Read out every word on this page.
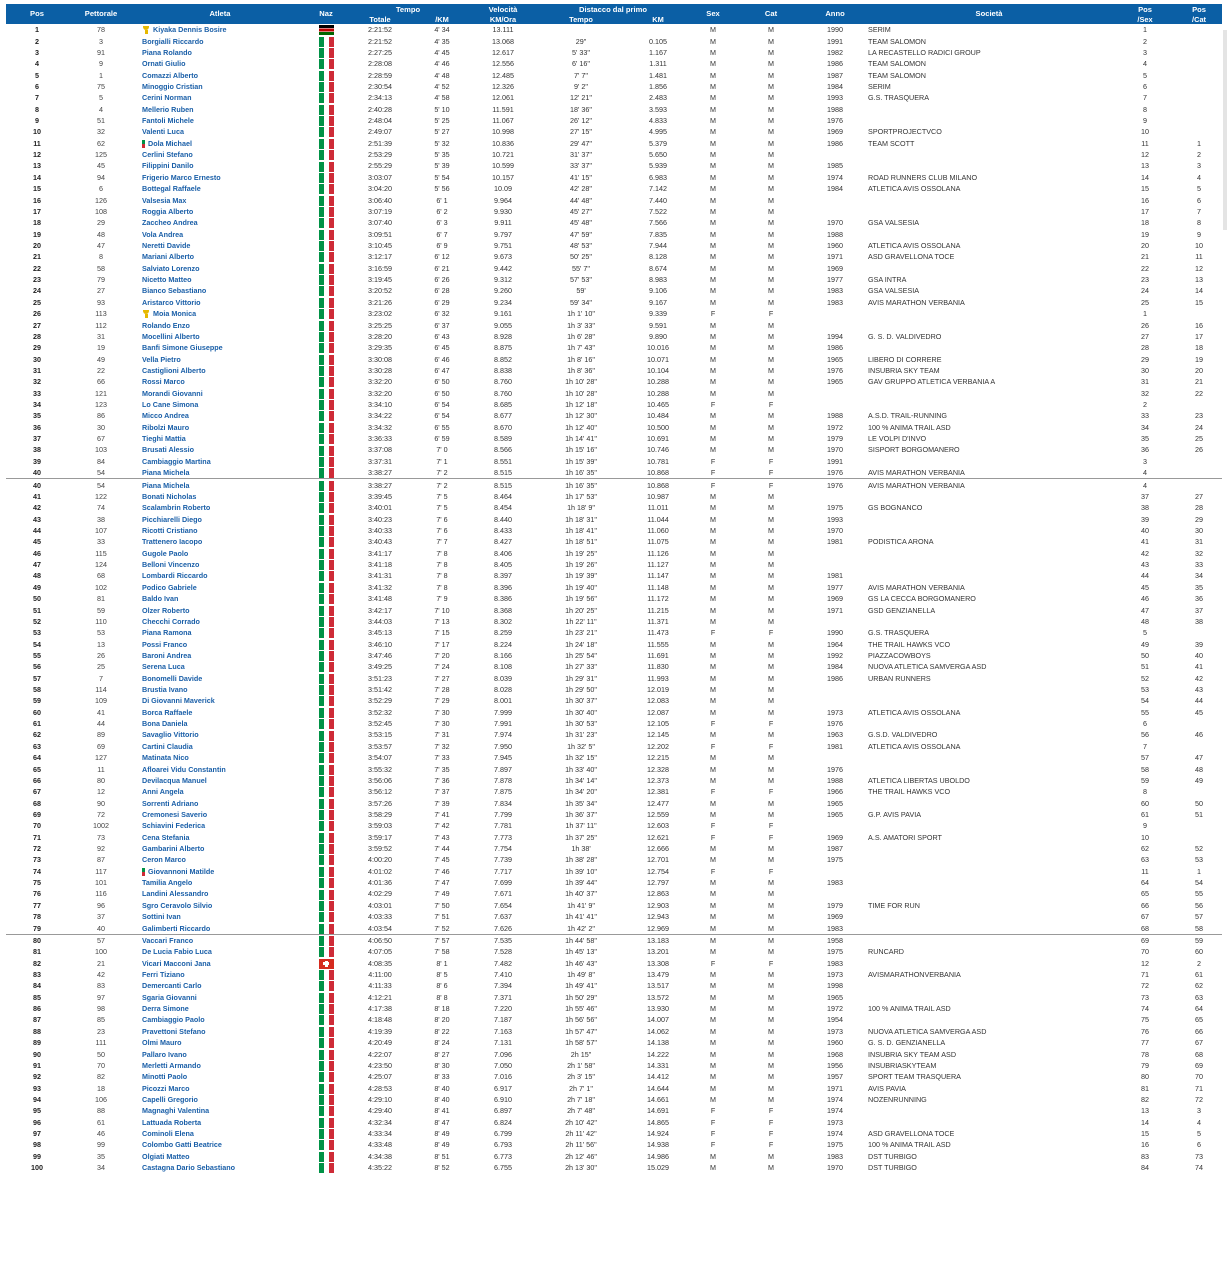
Pos	Pettorale	Atleta	Naz	Tempo		Velocità	Distacco dal primo		Sex	Cat	Anno	Società	Pos	Pos
				Totale	/KM	KM/Ora	Tempo	KM					/Sex	/Cat
1	78	Kiyaka Dennis Bosire		2:21:52	4' 34	13.111			M	M	1990	SERIM	1	
2	3	Borgialli Riccardo		2:21:52	4' 35	13.068	29"	0.105	M	M	1991	TEAM SALOMON	2	
3	91	Piana Rolando		2:27:25	4' 45	12.617	5' 33"	1.167	M	M	1982	LA RECASTELLO RADICI GROUP	3	
4	9	Ornati Giulio		2:28:08	4' 46	12.556	6' 16"	1.311	M	M	1986	TEAM SALOMON	4	
5	1	Comazzi Alberto		2:28:59	4' 48	12.485	7' 7"	1.481	M	M	1987	TEAM SALOMON	5	
6	75	Minoggio Cristian		2:30:54	4' 52	12.326	9' 2"	1.856	M	M	1984	SERIM	6	
7	5	Cerini Norman		2:34:13	4' 58	12.061	12' 21"	2.483	M	M	1993	G.S. TRASQUERA	7	
8	4	Mellerio Ruben		2:40:28	5' 10	11.591	18' 36"	3.593	M	M	1988		8	
9	51	Fantoli Michele		2:48:04	5' 25	11.067	26' 12"	4.833	M	M	1976		9	
10	32	Valenti Luca		2:49:07	5' 27	10.998	27' 15"	4.995	M	M	1969	SPORTPROJECTVCO	10	
11	62	Dola Michael		2:51:39	5' 32	10.836	29' 47"	5.379	M	M	1986	TEAM SCOTT	11	1
12	125	Cerlini Stefano		2:53:29	5' 35	10.721	31' 37"	5.650	M	M			12	2
13	45	Filippini Danilo		2:55:29	5' 39	10.599	33' 37"	5.939	M	M	1985		13	3
14	94	Frigerio Marco Ernesto		3:03:07	5' 54	10.157	41' 15"	6.983	M	M	1974	ROAD RUNNERS CLUB MILANO	14	4
15	6	Bottegal Raffaele		3:04:20	5' 56	10.09	42' 28"	7.142	M	M	1984	ATLETICA AVIS OSSOLANA	15	5
16	126	Valsesia Max		3:06:40	6' 1	9.964	44' 48"	7.440	M	M			16	6
17	108	Roggia Alberto		3:07:19	6' 2	9.930	45' 27"	7.522	M	M			17	7
18	29	Zaccheo Andrea		3:07:40	6' 3	9.911	45' 48"	7.566	M	M	1970	GSA VALSESIA	18	8
19	48	Vola Andrea		3:09:51	6' 7	9.797	47' 59"	7.835	M	M	1988		19	9
20	47	Neretti Davide		3:10:45	6' 9	9.751	48' 53"	7.944	M	M	1960	ATLETICA AVIS OSSOLANA	20	10
21	8	Mariani Alberto		3:12:17	6' 12	9.673	50' 25"	8.128	M	M	1971	ASD GRAVELLONA TOCE	21	11
22	58	Salviato Lorenzo		3:16:59	6' 21	9.442	55' 7"	8.674	M	M	1969		22	12
23	79	Nicetto Matteo		3:19:45	6' 26	9.312	57' 53"	8.983	M	M	1977	GSA INTRA	23	13
24	27	Bianco Sebastiano		3:20:52	6' 28	9.260	59'	9.106	M	M	1983	GSA VALSESIA	24	14
25	93	Aristarco Vittorio		3:21:26	6' 29	9.234	59' 34"	9.167	M	M	1983	AVIS MARATHON VERBANIA	25	15
26	113	Moia Monica		3:23:02	6' 32	9.161	1h 1' 10"	9.339	F	F			1	
27	112	Rolando Enzo		3:25:25	6' 37	9.055	1h 3' 33"	9.591	M	M			26	16
28	31	Mocellini Alberto		3:28:20	6' 43	8.928	1h 6' 28"	9.890	M	M	1994	G. S. D. VALDIVEDRO	27	17
29	19	Banfi Simone Giuseppe		3:29:35	6' 45	8.875	1h 7' 43"	10.016	M	M	1986		28	18
30	49	Vella Pietro		3:30:08	6' 46	8.852	1h 8' 16"	10.071	M	M	1965	LIBERO DI CORRERE	29	19
31	22	Castiglioni Alberto		3:30:28	6' 47	8.838	1h 8' 36"	10.104	M	M	1976	INSUBRIA SKY TEAM	30	20
32	66	Rossi Marco		3:32:20	6' 50	8.760	1h 10' 28"	10.288	M	M	1965	GAV GRUPPO ATLETICA VERBANIA A	31	21
33	121	Morandi Giovanni		3:32:20	6' 50	8.760	1h 10' 28"	10.288	M	M			32	22
34	123	Lo Cane Simona		3:34:10	6' 54	8.685	1h 12' 18"	10.465	F	F			2	
35	86	Micco Andrea		3:34:22	6' 54	8.677	1h 12' 30"	10.484	M	M	1988	A.S.D. TRAIL-RUNNING	33	23
36	30	Ribolzi Mauro		3:34:32	6' 55	8.670	1h 12' 40"	10.500	M	M	1972	100 % ANIMA TRAIL ASD	34	24
37	67	Tieghi Mattia		3:36:33	6' 59	8.589	1h 14' 41"	10.691	M	M	1979	LE VOLPI D'INVO	35	25
38	103	Brusati Alessio		3:37:08	7' 0	8.566	1h 15' 16"	10.746	M	M	1970	SISPORT BORGOMANERO	36	26
39	84	Cambiaggio Martina		3:37:31	7' 1	8.551	1h 15' 39"	10.781	F	F	1991		3	
40	54	Piana Michela		3:38:27	7' 2	8.515	1h 16' 35"	10.868	F	F	1976	AVIS MARATHON VERBANIA	4	
40	54	Piana Michela		3:38:27	7' 2	8.515	1h 16' 35"	10.868	F	F	1976	AVIS MARATHON VERBANIA	4	
41	122	Bonati Nicholas		3:39:45	7' 5	8.464	1h 17' 53"	10.987	M	M			37	27
42	74	Scalambrin Roberto		3:40:01	7' 5	8.454	1h 18' 9"	11.011	M	M	1975	GS BOGNANCO	38	28
43	38	Picchiarelli Diego		3:40:23	7' 6	8.440	1h 18' 31"	11.044	M	M	1993		39	29
44	107	Ricotti Cristiano		3:40:33	7' 6	8.433	1h 18' 41"	11.060	M	M	1970		40	30
45	33	Trattenero Iacopo		3:40:43	7' 7	8.427	1h 18' 51"	11.075	M	M	1981	PODISTICA ARONA	41	31
46	115	Gugole Paolo		3:41:17	7' 8	8.406	1h 19' 25"	11.126	M	M			42	32
47	124	Belloni Vincenzo		3:41:18	7' 8	8.405	1h 19' 26"	11.127	M	M			43	33
48	68	Lombardi Riccardo		3:41:31	7' 8	8.397	1h 19' 39"	11.147	M	M	1981		44	34
49	102	Podico Gabriele		3:41:32	7' 8	8.396	1h 19' 40"	11.148	M	M	1977	AVIS MARATHON VERBANIA	45	35
50	81	Baldo Ivan		3:41:48	7' 9	8.386	1h 19' 56"	11.172	M	M	1969	GS LA CECCA BORGOMANERO	46	36
51	59	Olzer Roberto		3:42:17	7' 10	8.368	1h 20' 25"	11.215	M	M	1971	GSD GENZIANELLA	47	37
52	110	Checchi Corrado		3:44:03	7' 13	8.302	1h 22' 11"	11.371	M	M			48	38
53	53	Piana Ramona		3:45:13	7' 15	8.259	1h 23' 21"	11.473	F	F	1990	G.S. TRASQUERA	5	
54	13	Possi Franco		3:46:10	7' 17	8.224	1h 24' 18"	11.555	M	M	1964	THE TRAIL HAWKS VCO	49	39
55	26	Baroni Andrea		3:47:46	7' 20	8.166	1h 25' 54"	11.691	M	M	1992	PIAZZACOWBOYS	50	40
56	25	Serena Luca		3:49:25	7' 24	8.108	1h 27' 33"	11.830	M	M	1984	NUOVA ATLETICA SAMVERGA ASD	51	41
57	7	Bonomelli Davide		3:51:23	7' 27	8.039	1h 29' 31"	11.993	M	M	1986	URBAN RUNNERS	52	42
58	114	Brustia Ivano		3:51:42	7' 28	8.028	1h 29' 50"	12.019	M	M			53	43
59	109	Di Giovanni Maverick		3:52:29	7' 29	8.001	1h 30' 37"	12.083	M	M			54	44
60	41	Borca Raffaele		3:52:32	7' 30	7.999	1h 30' 40"	12.087	M	M	1973	ATLETICA AVIS OSSOLANA	55	45
61	44	Bona Daniela		3:52:45	7' 30	7.991	1h 30' 53"	12.105	F	F	1976		6	
62	89	Savaglio Vittorio		3:53:15	7' 31	7.974	1h 31' 23"	12.145	M	M	1963	G.S.D. VALDIVEDRO	56	46
63	69	Cartini Claudia		3:53:57	7' 32	7.950	1h 32' 5"	12.202	F	F	1981	ATLETICA AVIS OSSOLANA	7	
64	127	Matinata Nico		3:54:07	7' 33	7.945	1h 32' 15"	12.215	M	M			57	47
65	11	Afloarei Vidu Constantin		3:55:32	7' 35	7.897	1h 33' 40"	12.328	M	M	1976		58	48
66	80	Devilacqua Manuel		3:56:06	7' 36	7.878	1h 34' 14"	12.373	M	M	1988	ATLETICA LIBERTAS UBOLDO	59	49
67	12	Anni Angela		3:56:12	7' 37	7.875	1h 34' 20"	12.381	F	F	1966	THE TRAIL HAWKS VCO	8	
68	90	Sorrenti Adriano		3:57:26	7' 39	7.834	1h 35' 34"	12.477	M	M	1965		60	50
69	72	Cremonesi Saverio		3:58:29	7' 41	7.799	1h 36' 37"	12.559	M	M	1965	G.P. AVIS PAVIA	61	51
70	1002	Schiavini Federica		3:59:03	7' 42	7.781	1h 37' 11"	12.603	F	F			9	
71	73	Cena Stefania		3:59:17	7' 43	7.773	1h 37' 25"	12.621	F	F	1969	A.S. AMATORI SPORT	10	
72	92	Gambarini Alberto		3:59:52	7' 44	7.754	1h 38'	12.666	M	M	1987		62	52
73	87	Ceron Marco		4:00:20	7' 45	7.739	1h 38' 28"	12.701	M	M	1975		63	53
74	117	Giovannoni Matilde		4:01:02	7' 46	7.717	1h 39' 10"	12.754	F	F			11	1
75	101	Tamilia Angelo		4:01:36	7' 47	7.699	1h 39' 44"	12.797	M	M	1983		64	54
76	116	Landini Alessandro		4:02:29	7' 49	7.671	1h 40' 37"	12.863	M	M			65	55
77	96	Sgro Ceravolo Silvio		4:03:01	7' 50	7.654	1h 41' 9"	12.903	M	M	1979	TIME FOR RUN	66	56
78	37	Sottini Ivan		4:03:33	7' 51	7.637	1h 41' 41"	12.943	M	M	1969		67	57
79	40	Galimberti Riccardo		4:03:54	7' 52	7.626	1h 42' 2"	12.969	M	M	1983		68	58
80	57	Vaccari Franco		4:06:50	7' 57	7.535	1h 44' 58"	13.183	M	M	1958		69	59
81	100	De Lucia Fabio Luca		4:07:05	7' 58	7.528	1h 45' 13"	13.201	M	M	1975	RUNCARD	70	60
82	21	Vicari Macconi Jana		4:08:35	8' 1	7.482	1h 46' 43"	13.308	F	F	1983		12	2
83	42	Ferri Tiziano		4:11:00	8' 5	7.410	1h 49' 8"	13.479	M	M	1973	AVISMARATHONVERBANIA	71	61
84	83	Demercanti Carlo		4:11:33	8' 6	7.394	1h 49' 41"	13.517	M	M	1998		72	62
85	97	Sgaria Giovanni		4:12:21	8' 8	7.371	1h 50' 29"	13.572	M	M	1965		73	63
86	98	Derra Simone		4:17:38	8' 18	7.220	1h 55' 46"	13.930	M	M	1972	100 % ANIMA TRAIL ASD	74	64
87	85	Cambiaggio Paolo		4:18:48	8' 20	7.187	1h 56' 56"	14.007	M	M	1954		75	65
88	23	Pravettoni Stefano		4:19:39	8' 22	7.163	1h 57' 47"	14.062	M	M	1973	NUOVA ATLETICA SAMVERGA ASD	76	66
89	111	Olmi Mauro		4:20:49	8' 24	7.131	1h 58' 57"	14.138	M	M	1960	G. S. D. GENZIANELLA	77	67
90	50	Pallaro Ivano		4:22:07	8' 27	7.096	2h 15"	14.222	M	M	1968	INSUBRIA SKY TEAM ASD	78	68
91	70	Merletti Armando		4:23:50	8' 30	7.050	2h 1' 58"	14.331	M	M	1956	INSUBRIASKYTEAM	79	69
92	82	Minotti Paolo		4:25:07	8' 33	7.016	2h 3' 15"	14.412	M	M	1957	SPORT TEAM TRASQUERA	80	70
93	18	Picozzi Marco		4:28:53	8' 40	6.917	2h 7' 1"	14.644	M	M	1971	AVIS PAVIA	81	71
94	106	Capelli Gregorio		4:29:10	8' 40	6.910	2h 7' 18"	14.661	M	M	1974	NOZENRUNNING	82	72
95	88	Magnaghi Valentina		4:29:40	8' 41	6.897	2h 7' 48"	14.691	F	F	1974		13	3
96	61	Lattuada Roberta		4:32:34	8' 47	6.824	2h 10' 42"	14.865	F	F	1973		14	4
97	46	Cominoli Elena		4:33:34	8' 49	6.799	2h 11' 42"	14.924	F	F	1974	ASD GRAVELLONA TOCE	15	5
98	99	Colombo Gatti Beatrice		4:33:48	8' 49	6.793	2h 11' 56"	14.938	F	F	1975	100 % ANIMA TRAIL ASD	16	6
99	35	Olgiati Matteo		4:34:38	8' 51	6.773	2h 12' 46"	14.986	M	M	1983	DST TURBIGO	83	73
100	34	Castagna Dario Sebastiano		4:35:22	8' 52	6.755	2h 13' 30"	15.029	M	M	1970	DST TURBIGO	84	74
